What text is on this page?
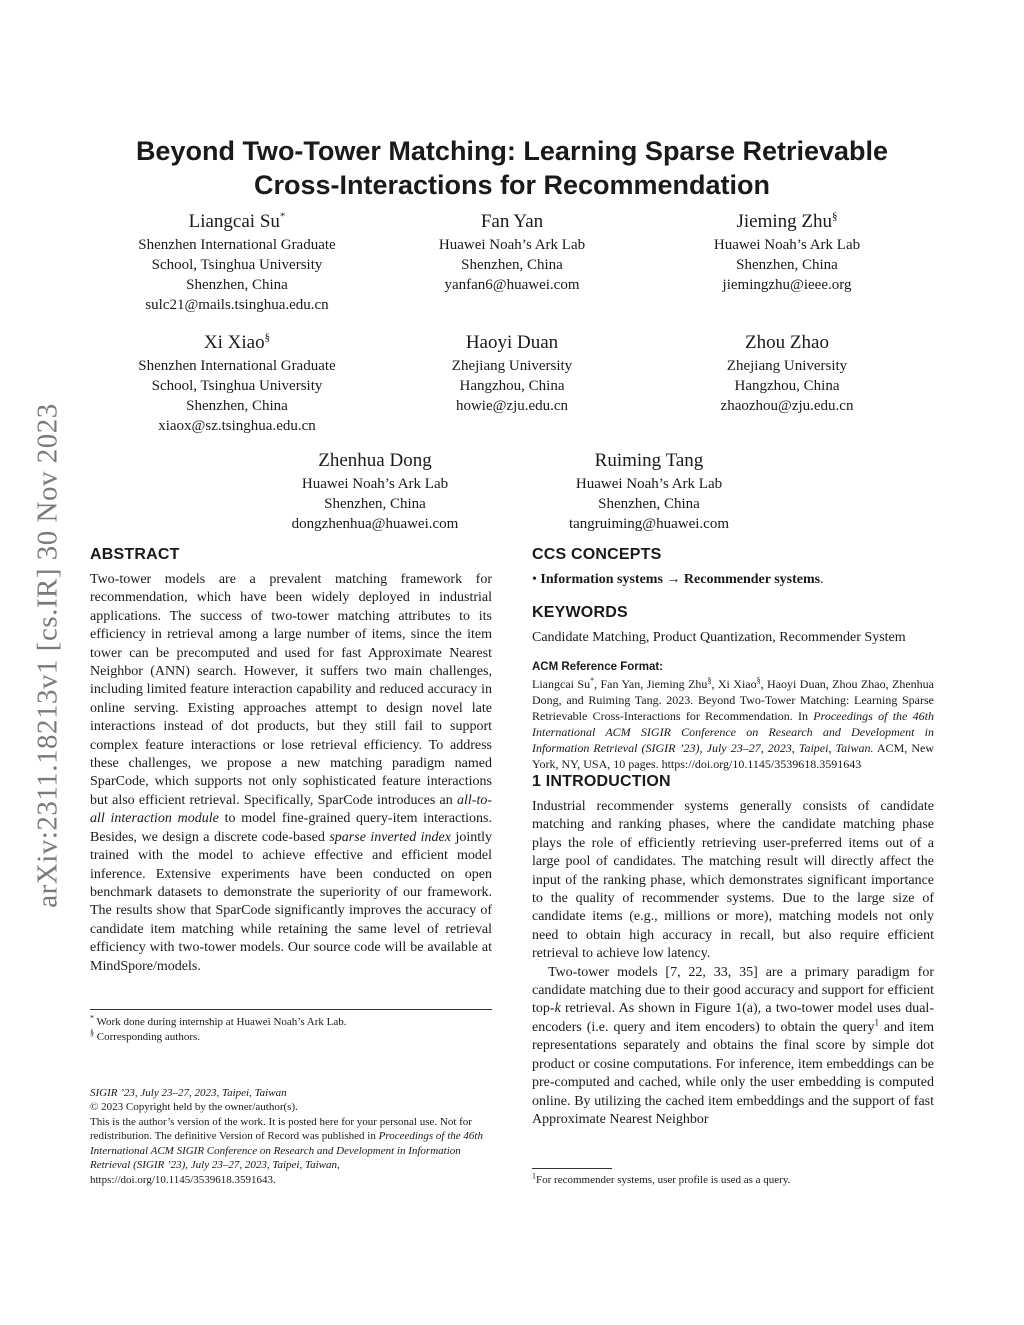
arXiv:2311.18213v1 [cs.IR] 30 Nov 2023
Beyond Two-Tower Matching: Learning Sparse Retrievable
Cross-Interactions for Recommendation
Liangcai Su*
Shenzhen International Graduate
School, Tsinghua University
Shenzhen, China
sulc21@mails.tsinghua.edu.cn
Fan Yan
Huawei Noah’s Ark Lab
Shenzhen, China
yanfan6@huawei.com
Jieming Zhu§
Huawei Noah’s Ark Lab
Shenzhen, China
jiemingzhu@ieee.org
Xi Xiao§
Shenzhen International Graduate
School, Tsinghua University
Shenzhen, China
xiaox@sz.tsinghua.edu.cn
Haoyi Duan
Zhejiang University
Hangzhou, China
howie@zju.edu.cn
Zhou Zhao
Zhejiang University
Hangzhou, China
zhaozhou@zju.edu.cn
Zhenhua Dong
Huawei Noah’s Ark Lab
Shenzhen, China
dongzhenhua@huawei.com
Ruiming Tang
Huawei Noah’s Ark Lab
Shenzhen, China
tangruiming@huawei.com
ABSTRACT

Two-tower models are a prevalent matching framework for recommendation, which have been widely deployed in industrial applications. The success of two-tower matching attributes to its efficiency in retrieval among a large number of items, since the item tower can be precomputed and used for fast Approximate Nearest Neighbor (ANN) search. However, it suffers two main challenges, including limited feature interaction capability and reduced accuracy in online serving. Existing approaches attempt to design novel late interactions instead of dot products, but they still fail to support complex feature interactions or lose retrieval efficiency. To address these challenges, we propose a new matching paradigm named SparCode, which supports not only sophisticated feature interactions but also efficient retrieval. Specifically, SparCode introduces an all-to-all interaction module to model fine-grained query-item interactions. Besides, we design a discrete code-based sparse inverted index jointly trained with the model to achieve effective and efficient model inference. Extensive experiments have been conducted on open benchmark datasets to demonstrate the superiority of our framework. The results show that SparCode significantly improves the accuracy of candidate item matching while retaining the same level of retrieval efficiency with two-tower models. Our source code will be available at MindSpore/models.

* Work done during internship at Huawei Noah’s Ark Lab.

§ Corresponding authors.

SIGIR ’23, July 23–27, 2023, Taipei, Taiwan

© 2023 Copyright held by the owner/author(s).

This is the author’s version of the work. It is posted here for your personal use. Not for redistribution. The definitive Version of Record was published in Proceedings of the 46th International ACM SIGIR Conference on Research and Development in Information Retrieval (SIGIR ’23), July 23–27, 2023, Taipei, Taiwan, https://doi.org/10.1145/3539618.3591643.

CCS CONCEPTS

• Information systems → Recommender systems.

KEYWORDS

Candidate Matching, Product Quantization, Recommender System

ACM Reference Format:

Liangcai Su*, Fan Yan, Jieming Zhu§, Xi Xiao§, Haoyi Duan, Zhou Zhao, Zhenhua Dong, and Ruiming Tang. 2023. Beyond Two-Tower Matching: Learning Sparse Retrievable Cross-Interactions for Recommendation. In Proceedings of the 46th International ACM SIGIR Conference on Research and Development in Information Retrieval (SIGIR ’23), July 23–27, 2023, Taipei, Taiwan. ACM, New York, NY, USA, 10 pages. https://doi.org/10.1145/3539618.3591643

1 INTRODUCTION

Industrial recommender systems generally consists of candidate matching and ranking phases, where the candidate matching phase plays the role of efficiently retrieving user-preferred items out of a large pool of candidates. The matching result will directly affect the input of the ranking phase, which demonstrates significant importance to the quality of recommender systems. Due to the large size of candidate items (e.g., millions or more), matching models not only need to obtain high accuracy in recall, but also require efficient retrieval to achieve low latency.

Two-tower models [7, 22, 33, 35] are a primary paradigm for candidate matching due to their good accuracy and support for efficient top-k retrieval. As shown in Figure 1(a), a two-tower model uses dual-encoders (i.e. query and item encoders) to obtain the query$^1$ and item representations separately and obtains the final score by simple dot product or cosine computations. For inference, item embeddings can be pre-computed and cached, while only the user embedding is computed online. By utilizing the cached item embeddings and the support of fast Approximate Nearest Neighbor

$^1$For recommender systems, user profile is used as a query.
